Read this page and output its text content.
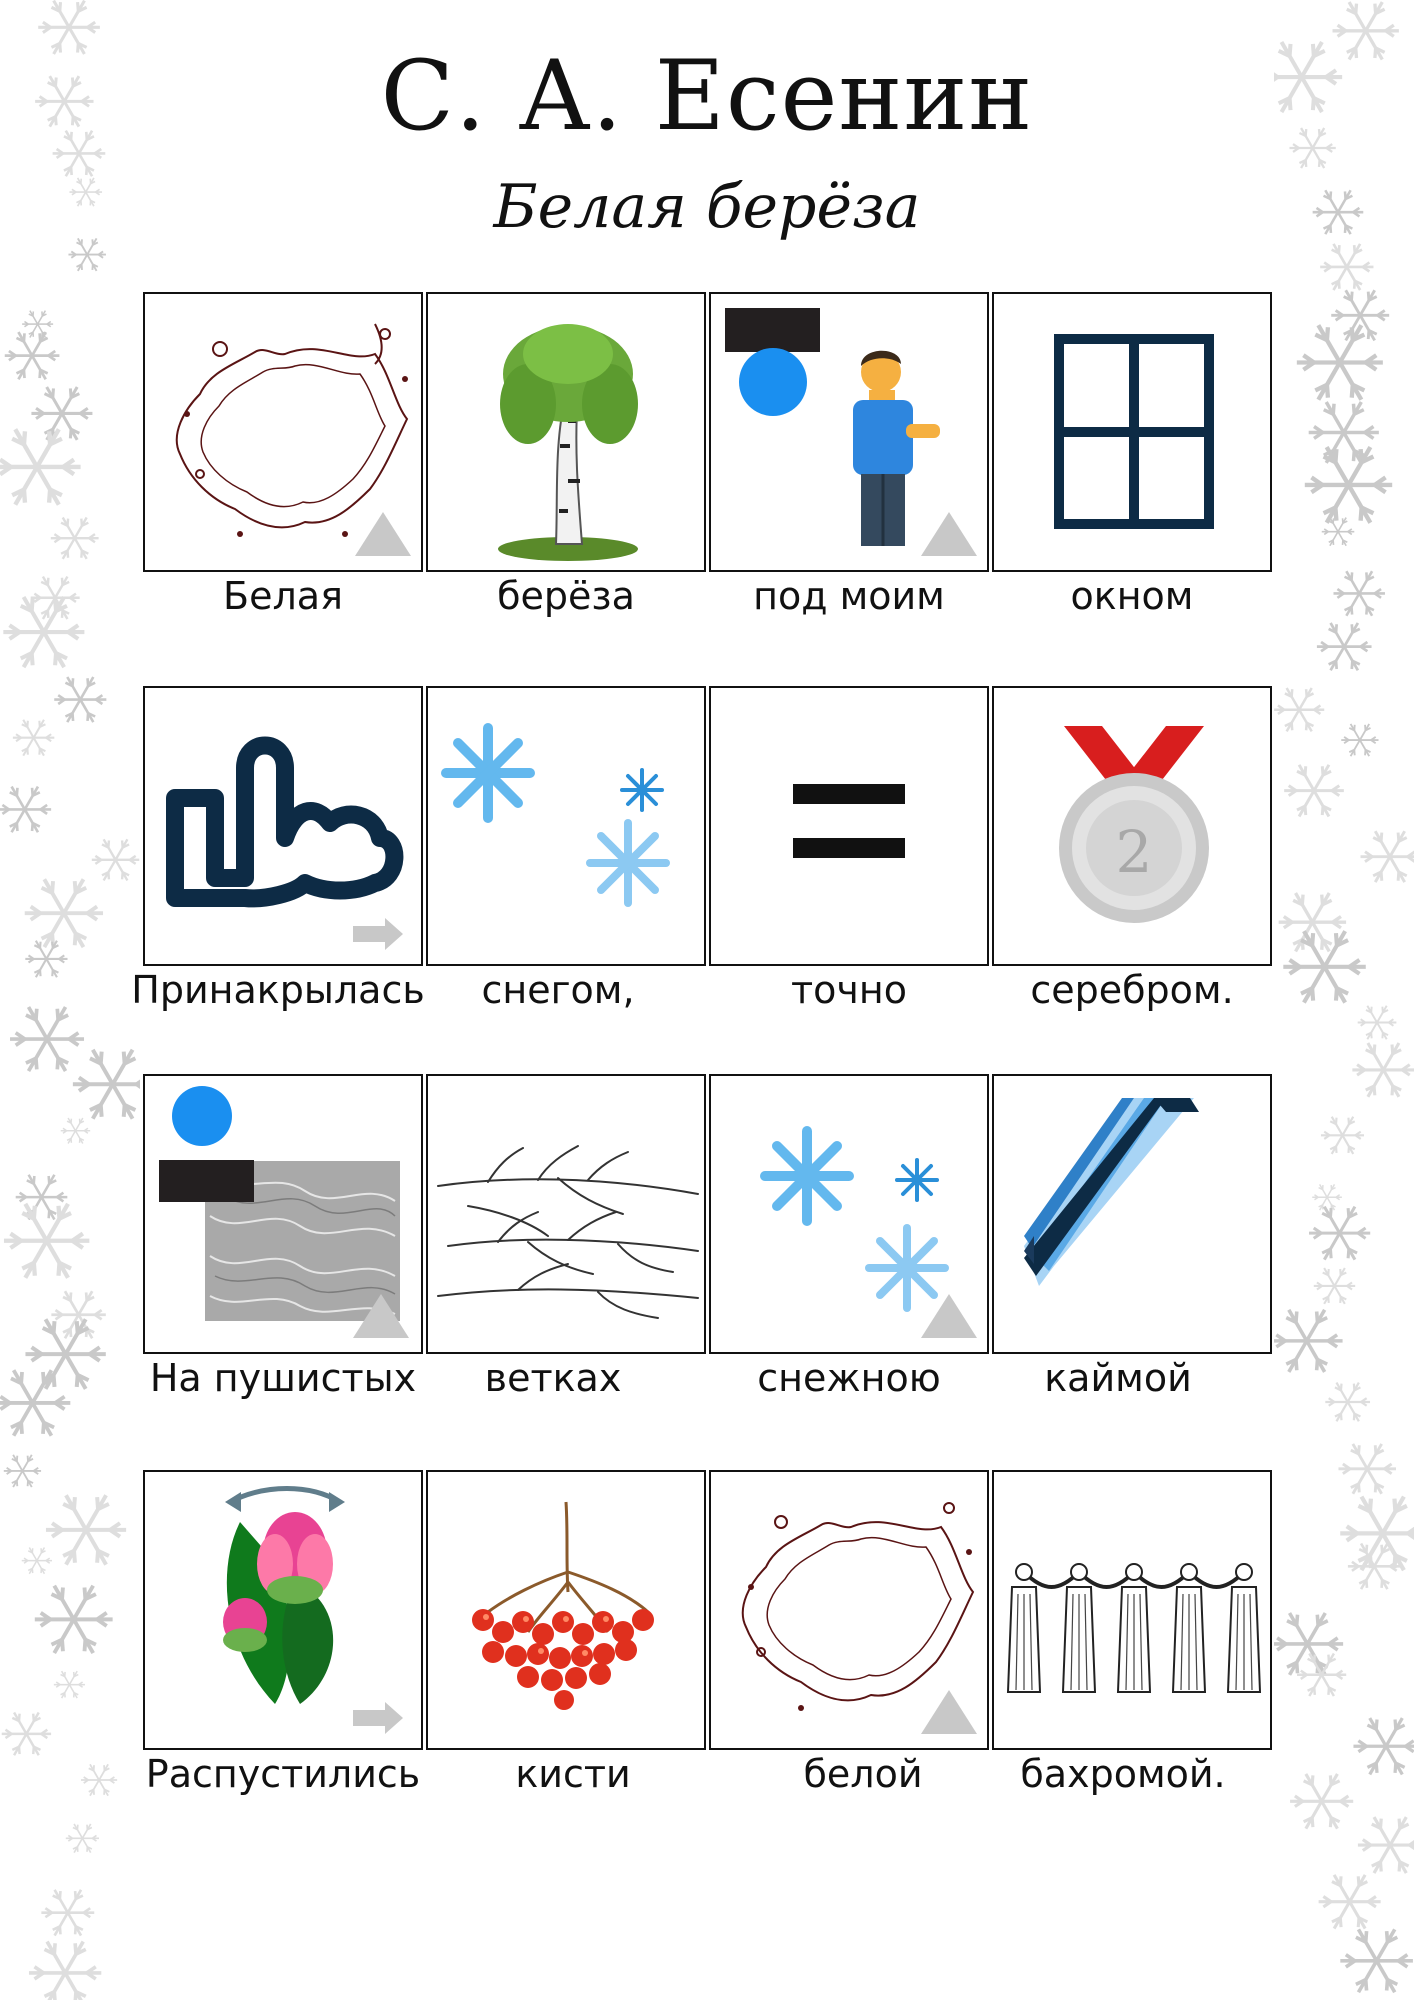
С. А. Есенин
Белая берёза
Белая	берёза	под моим	окном
2
Принакрылась	снегом,	точно	серебром.
На пушистых	ветках	снежною	каймой
Распустились	кисти	белой	бахромой.
